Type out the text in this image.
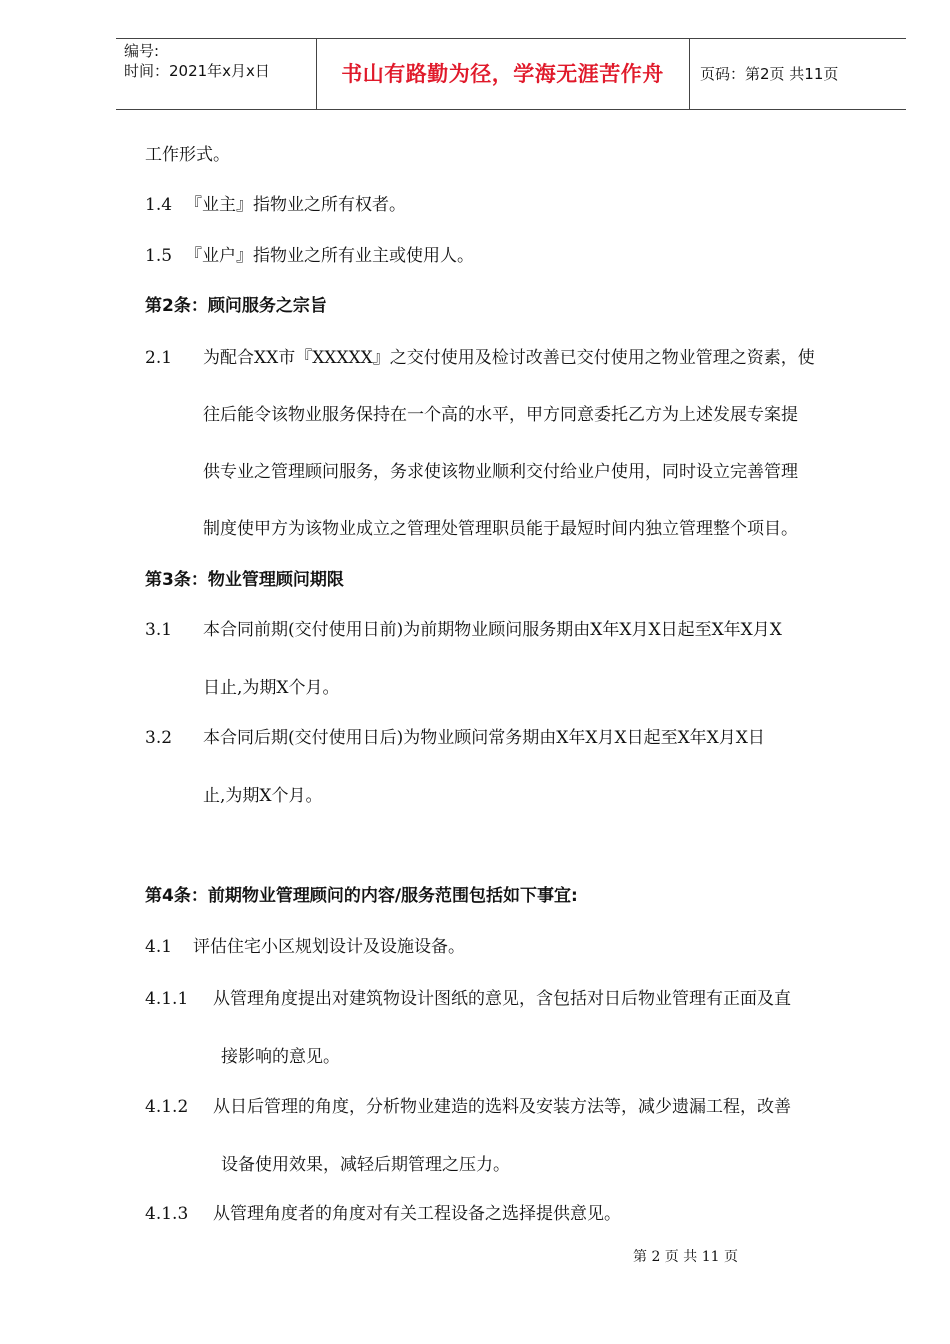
编号:
时间：2021年x月x日	书山有路勤为径，学海无涯苦作舟	页码：第2页 共11页
工作形式。
1.4 『业主』指物业之所有权者。
1.5 『业户』指物业之所有业主或使用人。
第2条：顾问服务之宗旨
2.1 为配合XX市『XXXXX』之交付使用及检讨改善已交付使用之物业管理之资素，使
往后能令该物业服务保持在一个高的水平，甲方同意委托乙方为上述发展专案提
供专业之管理顾问服务，务求使该物业顺利交付给业户使用，同时设立完善管理
制度使甲方为该物业成立之管理处管理职员能于最短时间内独立管理整个项目。
第3条：物业管理顾问期限
3.1 本合同前期(交付使用日前)为前期物业顾问服务期由X年X月X日起至X年X月X
日止,为期X个月。
3.2 本合同后期(交付使用日后)为物业顾问常务期由X年X月X日起至X年X月X日
止,为期X个月。
第4条：前期物业管理顾问的内容/服务范围包括如下事宜:
4.1 评估住宅小区规划设计及设施设备。
4.1.1 从管理角度提出对建筑物设计图纸的意见，含包括对日后物业管理有正面及直
接影响的意见。
4.1.2 从日后管理的角度，分析物业建造的选料及安装方法等，减少遗漏工程，改善
设备使用效果，减轻后期管理之压力。
4.1.3 从管理角度者的角度对有关工程设备之选择提供意见。
第 2 页 共 11 页
